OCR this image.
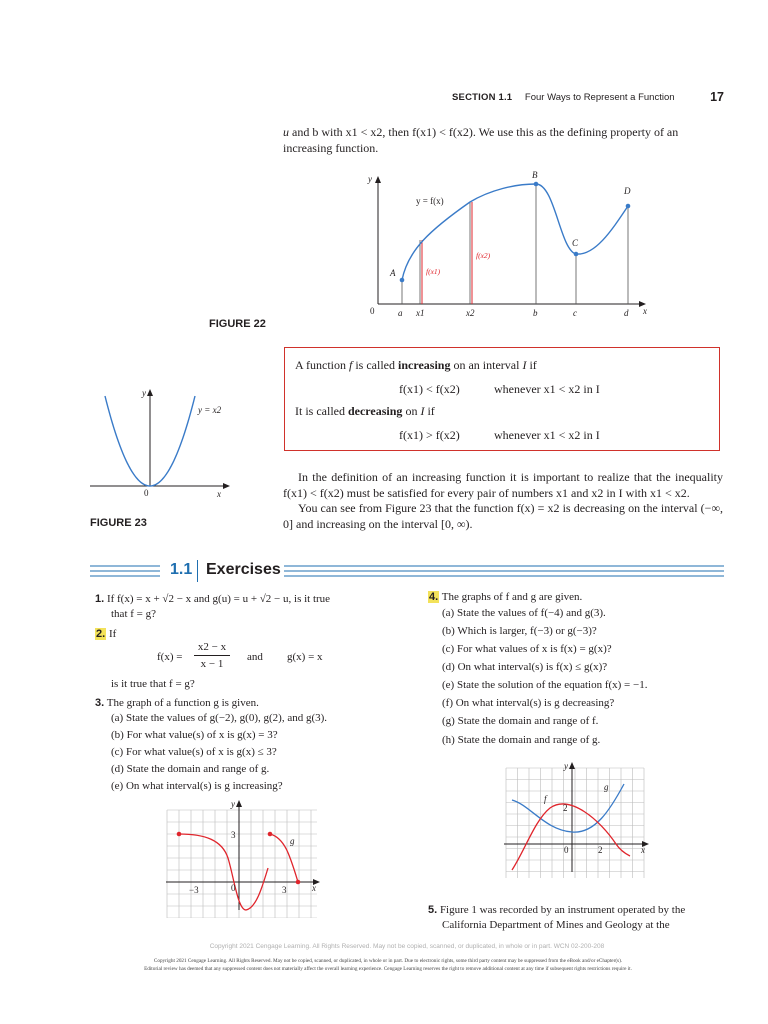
SECTION 1.1 Four Ways to Represent a Function	17
u and b with x1 < x2, then f(x1) < f(x2). We use this as the defining property of an
increasing function.
y
x
0
y = f(x)
A
B
C
D
a x1	x2	b	c	d
f(x1)
f(x2)
FIGURE 22
A function f is called increasing on an interval I if
f(x1) < f(x2)	whenever x1 < x2 in I
It is called decreasing on I if
f(x1) > f(x2)	whenever x1 < x2 in I
y
x
0
y = x2
FIGURE 23
In the definition of an increasing function it is important to realize that the inequality f(x1) < f(x2) must be satisfied for every pair of numbers x1 and x2 in I with x1 < x2.
You can see from Figure 23 that the function f(x) = x2 is decreasing on the interval (−∞, 0] and increasing on the interval [0, ∞).
1.1 Exercises
1. If f(x) = x + √2 − x and g(u) = u + √2 − u, is it true
that f = g?
2. If
f(x) =
x2 − x
x − 1
and g(x) = x
is it true that f = g?
3. The graph of a function g is given.
(a) State the values of g(−2), g(0), g(2), and g(3).
(b) For what value(s) of x is g(x) = 3?
(c) For what value(s) of x is g(x) ≤ 3?
(d) State the domain and range of g.
(e) On what interval(s) is g increasing?
y
x
0
3
−3	3
g
4. The graphs of f and g are given.
(a) State the values of f(−4) and g(3).
(b) Which is larger, f(−3) or g(−3)?
(c) For what values of x is f(x) = g(x)?
(d) On what interval(s) is f(x) ≤ g(x)?
(e) State the solution of the equation f(x) = −1.
(f) On what interval(s) is g decreasing?
(g) State the domain and range of f.
(h) State the domain and range of g.
y
x
0
2
2
f
g
5. Figure 1 was recorded by an instrument operated by the
California Department of Mines and Geology at the
Copyright 2021 Cengage Learning. All Rights Reserved. May not be copied, scanned, or duplicated, in whole or in part. WCN 02-200-208
Copyright 2021 Cengage Learning. All Rights Reserved. May not be copied, scanned, or duplicated, in whole or in part. Due to electronic rights, some third party content may be suppressed from the eBook and/or eChapter(s).
Editorial review has deemed that any suppressed content does not materially affect the overall learning experience. Cengage Learning reserves the right to remove additional content at any time if subsequent rights restrictions require it.
